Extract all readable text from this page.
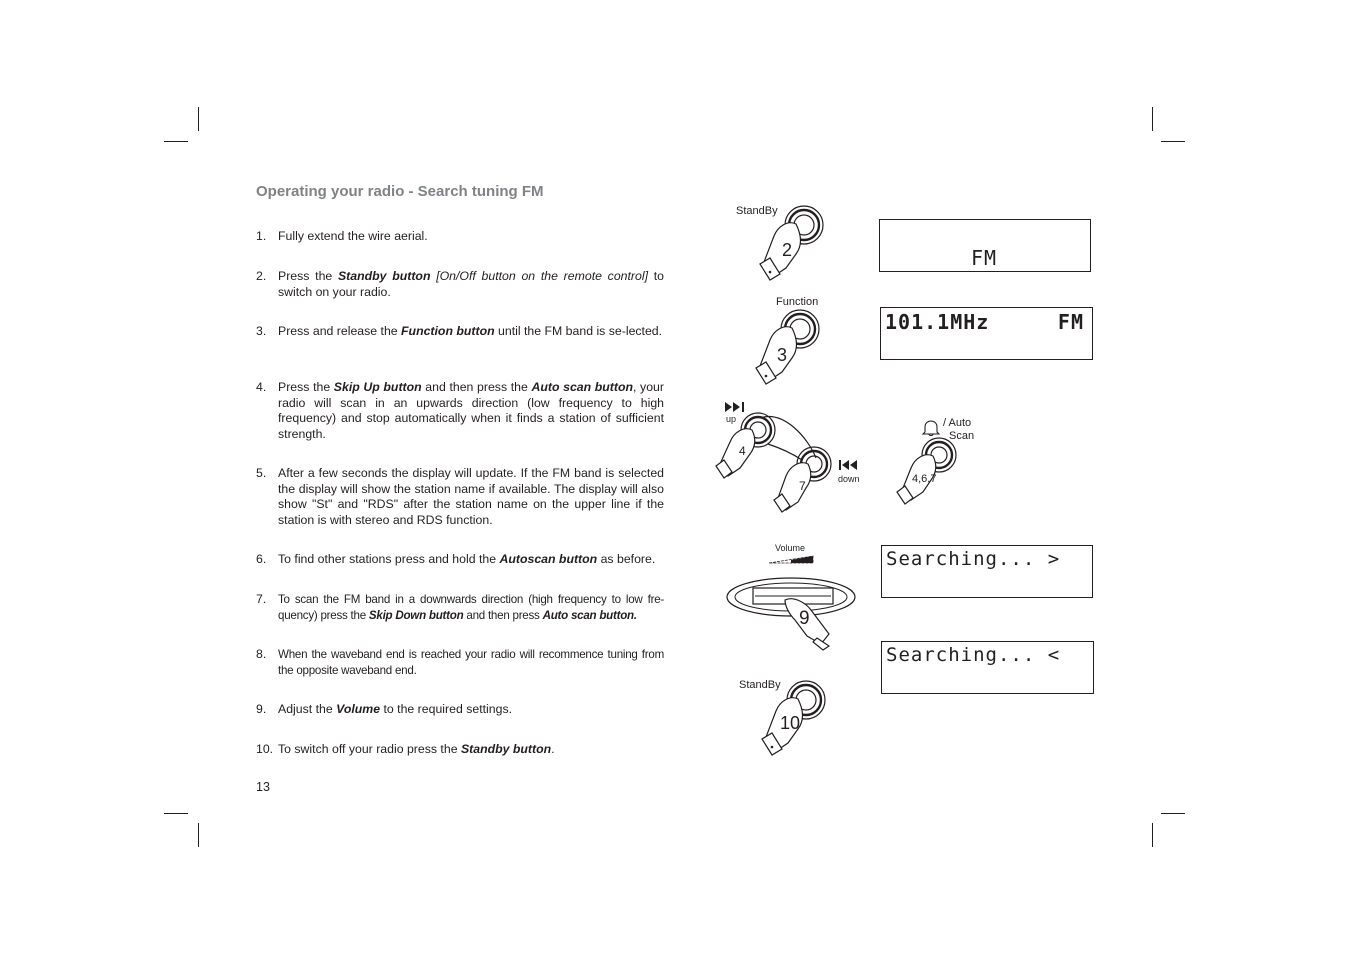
Operating your radio - Search tuning FM
1. Fully extend the wire aerial.
2. Press the Standby button [On/Off button on the remote control] to switch on your radio.
3. Press and release the Function button until the FM band is se-lected.
4. Press the Skip Up button and then press the Auto scan button, your radio will scan in an upwards direction (low frequency to high frequency) and stop automatically when it finds a station of sufficient strength.
5. After a few seconds the display will update. If the FM band is selected the display will show the station name if available. The display will also show "St" and "RDS" after the station name on the upper line if the station is with stereo and RDS function.
6. To find other stations press and hold the Autoscan button as before.
7. To scan the FM band in a downwards direction (high frequency to low fre-quency) press the Skip Down button and then press Auto scan button.
8. When the waveband end is reached your radio will recommence tuning from the opposite waveband end.
9. Adjust the Volume to the required settings.
10. To switch off your radio press the Standby button.
13
StandBy
2
Function
3
up
4
7	down
/ Auto
Scan
4,6,7
Volume
9
StandBy
10
FM
101.1MHz	FM
Searching... >
Searching... <
